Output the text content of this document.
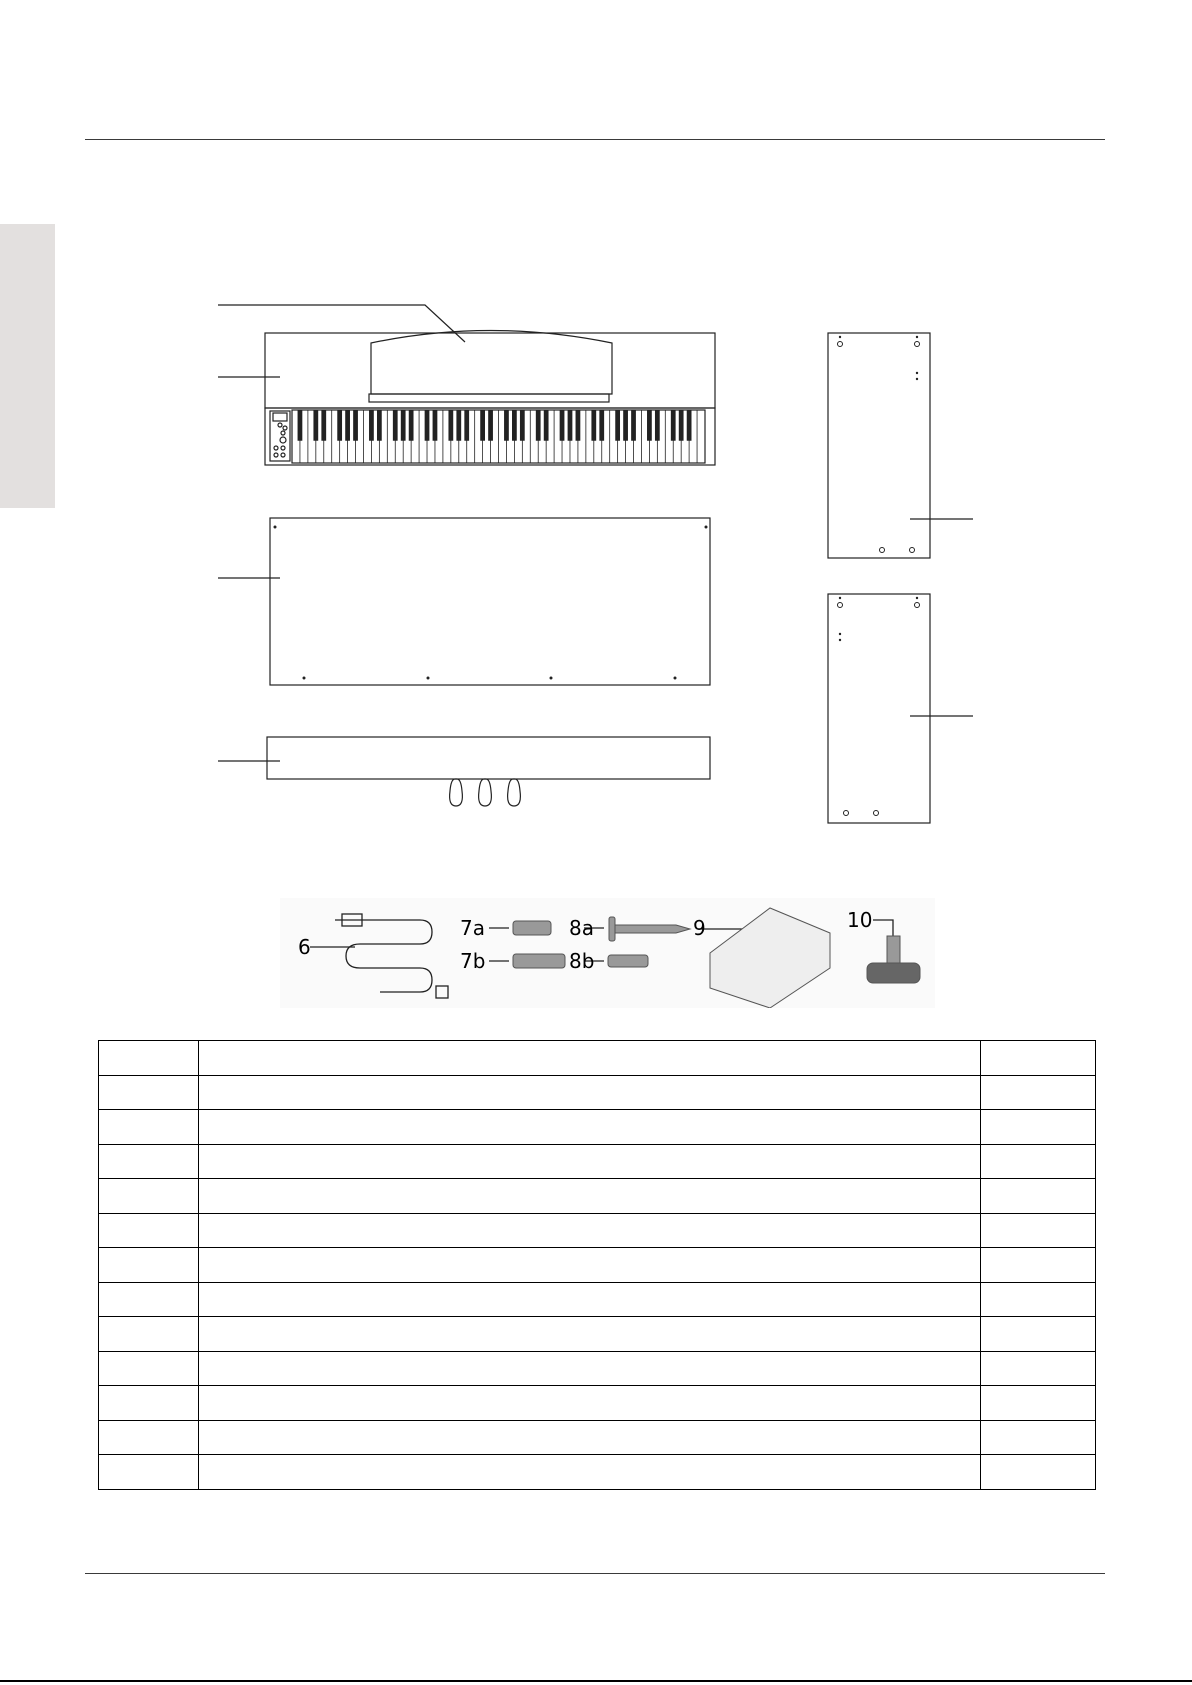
6
7a
7b
8a
8b
9	10
